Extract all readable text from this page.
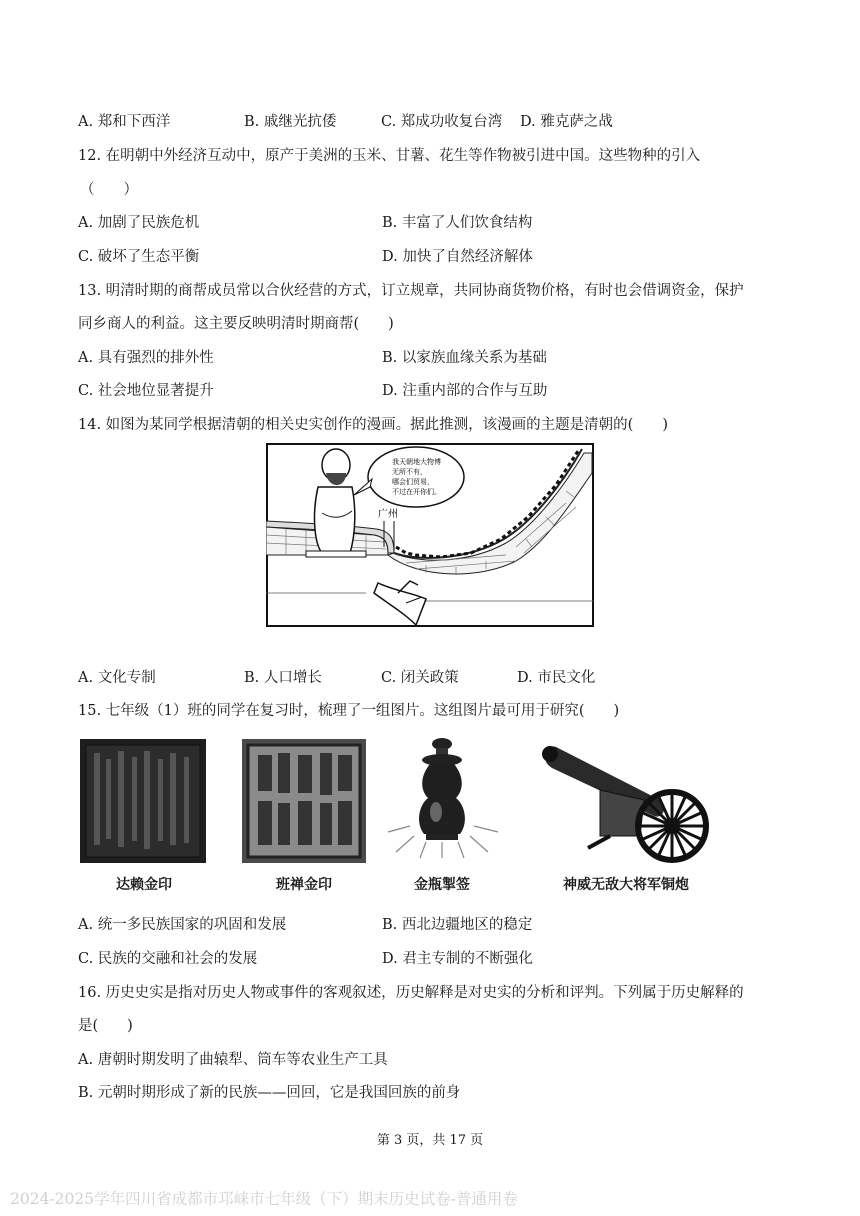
A. 郑和下西洋	B. 戚继光抗倭	C. 郑成功收复台湾 D. 雅克萨之战
12. 在明朝中外经济互动中，原产于美洲的玉米、甘薯、花生等作物被引进中国。这些物种的引入
（　　）
A. 加剧了民族危机	B. 丰富了人们饮食结构
C. 破坏了生态平衡	D. 加快了自然经济解体
13. 明清时期的商帮成员常以合伙经营的方式，订立规章，共同协商货物价格，有时也会借调资金，保护
同乡商人的利益。这主要反映明清时期商帮(　　)
A. 具有强烈的排外性	B. 以家族血缘关系为基础
C. 社会地位显著提升	D. 注重内部的合作与互助
14. 如图为某同学根据清朝的相关史实创作的漫画。据此推测，该漫画的主题是清朝的(　　)
我天朝地大物博
无所不有，
哪会们贸易，
不过在开你们。
广州
A. 文化专制	B. 人口增长	C. 闭关政策	D. 市民文化
15. 七年级（1）班的同学在复习时，梳理了一组图片。这组图片最可用于研究(　　)
达赖金印	班禅金印	金瓶掣签	神威无敌大将军铜炮
A. 统一多民族国家的巩固和发展	B. 西北边疆地区的稳定
C. 民族的交融和社会的发展	D. 君主专制的不断强化
16. 历史史实是指对历史人物或事件的客观叙述，历史解释是对史实的分析和评判。下列属于历史解释的
是(　　)
A. 唐朝时期发明了曲辕犁、筒车等农业生产工具
B. 元朝时期形成了新的民族——回回，它是我国回族的前身
第 3 页，共 17 页
2024-2025学年四川省成都市邛崃市七年级（下）期末历史试卷-普通用卷
